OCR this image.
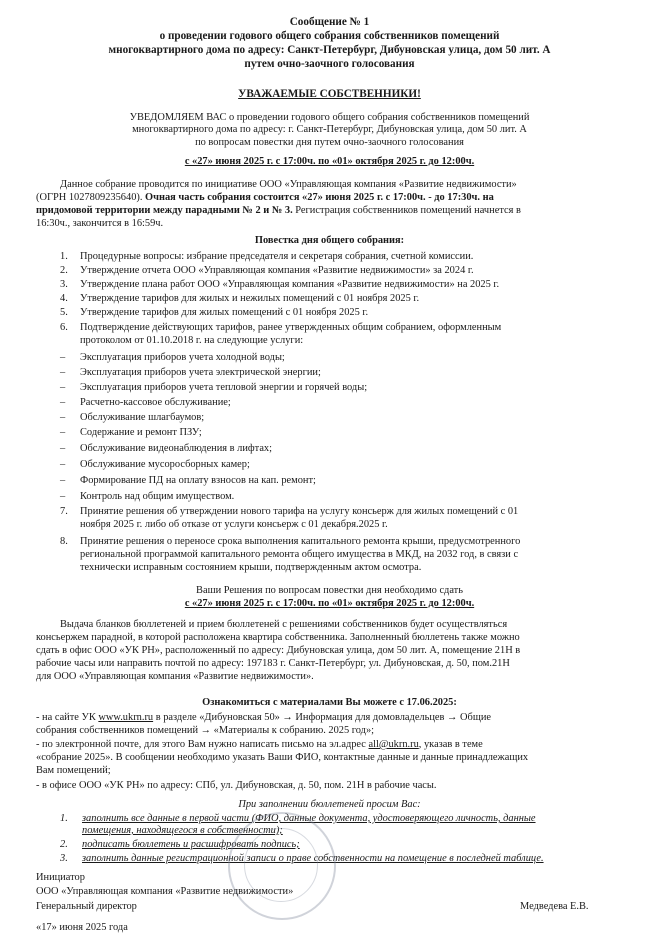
Сообщение № 1
о проведении годового общего собрания собственников помещений
многоквартирного дома по адресу: Санкт-Петербург, Дибуновская улица, дом 50 лит. А
путем очно-заочного голосования
УВАЖАЕМЫЕ СОБСТВЕННИКИ!
УВЕДОМЛЯЕМ ВАС о проведении годового общего собрания собственников помещений
многоквартирного дома по адресу: г. Санкт-Петербург, Дибуновская улица, дом 50 лит. А
по вопросам повестки дня путем очно-заочного голосования
с «27» июня 2025 г. с 17:00ч. по «01» октября 2025 г. до 12:00ч.
Данное собрание проводится по инициативе ООО «Управляющая компания «Развитие недвижимости»
(ОГРН 1027809235640). Очная часть собрания состоится «27» июня 2025 г. с 17:00ч. - до 17:30ч. на
придомовой территории между парадными № 2 и № 3. Регистрация собственников помещений начнется в
16:30ч., закончится в 16:59ч.
Повестка дня общего собрания:
1. Процедурные вопросы: избрание председателя и секретаря собрания, счетной комиссии.
2. Утверждение отчета ООО «Управляющая компания «Развитие недвижимости» за 2024 г.
3. Утверждение плана работ ООО «Управляющая компания «Развитие недвижимости» на 2025 г.
4. Утверждение тарифов для жилых и нежилых помещений с 01 ноября 2025 г.
5. Утверждение тарифов для жилых помещений с 01 ноября 2025 г.
6. Подтверждение действующих тарифов, ранее утвержденных общим собранием, оформленным
протоколом от 01.10.2018 г. на следующие услуги:
– Эксплуатация приборов учета холодной воды;
– Эксплуатация приборов учета электрической энергии;
– Эксплуатация приборов учета тепловой энергии и горячей воды;
– Расчетно-кассовое обслуживание;
– Обслуживание шлагбаумов;
– Содержание и ремонт ПЗУ;
– Обслуживание видеонаблюдения в лифтах;
– Обслуживание мусоросборных камер;
– Формирование ПД на оплату взносов на кап. ремонт;
– Контроль над общим имуществом.
7. Принятие решения об утверждении нового тарифа на услугу консьерж для жилых помещений с 01
ноября 2025 г. либо об отказе от услуги консьерж с 01 декабря.2025 г.
8. Принятие решения о переносе срока выполнения капитального ремонта крыши, предусмотренного
региональной программой капитального ремонта общего имущества в МКД, на 2032 год, в связи с
технически исправным состоянием крыши, подтвержденным актом осмотра.
Ваши Решения по вопросам повестки дня необходимо сдать
с «27» июня 2025 г. с 17:00ч. по «01» октября 2025 г. до 12:00ч.
Выдача бланков бюллетеней и прием бюллетеней с решениями собственников будет осуществляться
консьержем парадной, в которой расположена квартира собственника. Заполненный бюллетень также можно
сдать в офис ООО «УК РН», расположенный по адресу: Дибуновская улица, дом 50 лит. А, помещение 21Н в
рабочие часы или направить почтой по адресу: 197183 г. Санкт-Петербург, ул. Дибуновская, д. 50, пом.21Н
для ООО «Управляющая компания «Развитие недвижимости».
Ознакомиться с материалами Вы можете с 17.06.2025:
- на сайте УК www.ukrn.ru в разделе «Дибуновская 50» → Информация для домовладельцев → Общие
собрания собственников помещений → «Материалы к собранию. 2025 год»;
- по электронной почте, для этого Вам нужно написать письмо на эл.адрес all@ukrn.ru, указав в теме
«собрание 2025». В сообщении необходимо указать Ваши ФИО, контактные данные и данные принадлежащих
Вам помещений;
- в офисе ООО «УК РН» по адресу: СПб, ул. Дибуновская, д. 50, пом. 21Н в рабочие часы.
При заполнении бюллетеней просим Вас:
1. заполнить все данные в первой части (ФИО, данные документа, удостоверяющего личность, данные
помещения, находящегося в собственности);
2. подписать бюллетень и расшифровать подпись;
3. заполнить данные регистрационной записи о праве собственности на помещение в последней таблице.
Инициатор
ООО «Управляющая компания «Развитие недвижимости»
Генеральный директор	Медведева Е.В.
«17» июня 2025 года
